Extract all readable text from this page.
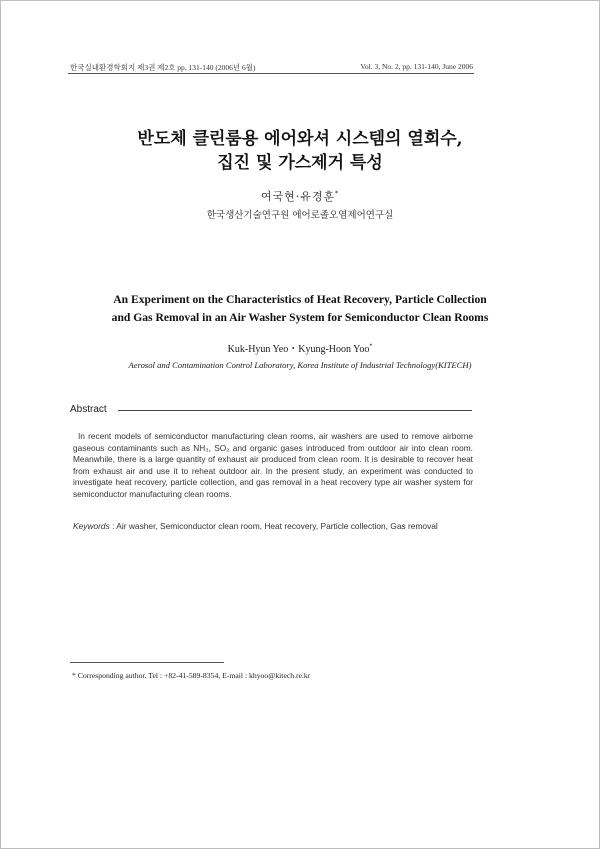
한국실내환경학회지 제3권 제2호 pp. 131-140 (2006년 6월)	Vol. 3, No. 2, pp. 131-140, June 2006
반도체 클린룸용 에어와셔 시스템의 열회수,
집진 및 가스제거 특성
여국현·유경훈*
한국생산기술연구원 에어로졸오염제어연구실
An Experiment on the Characteristics of Heat Recovery, Particle Collection
and Gas Removal in an Air Washer System for Semiconductor Clean Rooms
Kuk-Hyun Yeo・Kyung-Hoon Yoo*
Aerosol and Contamination Control Laboratory, Korea Institute of Industrial Technology(KITECH)
Abstract

In recent models of semiconductor manufacturing clean rooms, air washers are used to remove airborne gaseous contaminants such as NH₃, SO₂ and organic gases introduced from outdoor air into clean room. Meanwhile, there is a large quantity of exhaust air produced from clean room. It is desirable to recover heat from exhaust air and use it to reheat outdoor air. In the present study, an experiment was conducted to investigate heat recovery, particle collection, and gas removal in a heat recovery type air washer system for semiconductor manufacturing clean rooms.

Keywords : Air washer, Semiconductor clean room, Heat recovery, Particle collection, Gas removal
* Corresponding author. Tel : +82-41-589-8354, E-mail : khyoo@kitech.re.kr
